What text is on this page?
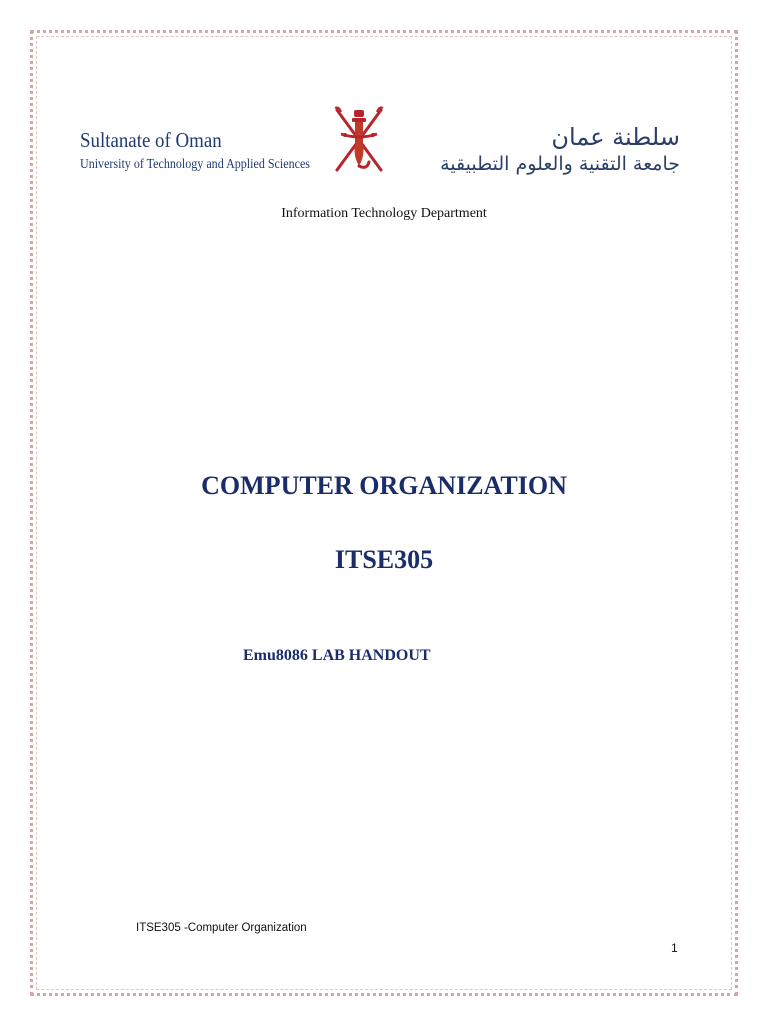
Sultanate of Oman
University of Technology and Applied Sciences
سلطنة عمان
جامعة التقنية والعلوم التطبيقية
Information Technology Department
COMPUTER ORGANIZATION
ITSE305
Emu8086 LAB HANDOUT
ITSE305 -Computer Organization
1
